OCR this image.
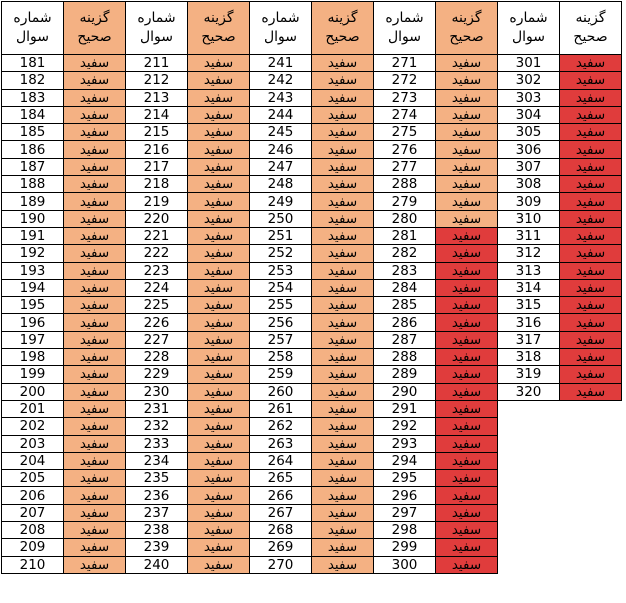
شماره سوال	گزینه صحیح	شماره سوال	گزینه صحیح	شماره سوال	گزینه صحیح	شماره سوال	گزینه صحیح	شماره سوال	گزینه صحیح
181	سفید	211	سفید	241	سفید	271	سفید	301	سفید
182	سفید	212	سفید	242	سفید	272	سفید	302	سفید
183	سفید	213	سفید	243	سفید	273	سفید	303	سفید
184	سفید	214	سفید	244	سفید	274	سفید	304	سفید
185	سفید	215	سفید	245	سفید	275	سفید	305	سفید
186	سفید	216	سفید	246	سفید	276	سفید	306	سفید
187	سفید	217	سفید	247	سفید	277	سفید	307	سفید
188	سفید	218	سفید	248	سفید	288	سفید	308	سفید
189	سفید	219	سفید	249	سفید	279	سفید	309	سفید
190	سفید	220	سفید	250	سفید	280	سفید	310	سفید
191	سفید	221	سفید	251	سفید	281	سفید	311	سفید
192	سفید	222	سفید	252	سفید	282	سفید	312	سفید
193	سفید	223	سفید	253	سفید	283	سفید	313	سفید
194	سفید	224	سفید	254	سفید	284	سفید	314	سفید
195	سفید	225	سفید	255	سفید	285	سفید	315	سفید
196	سفید	226	سفید	256	سفید	286	سفید	316	سفید
197	سفید	227	سفید	257	سفید	287	سفید	317	سفید
198	سفید	228	سفید	258	سفید	288	سفید	318	سفید
199	سفید	229	سفید	259	سفید	289	سفید	319	سفید
200	سفید	230	سفید	260	سفید	290	سفید	320	سفید
201	سفید	231	سفید	261	سفید	291	سفید		
202	سفید	232	سفید	262	سفید	292	سفید		
203	سفید	233	سفید	263	سفید	293	سفید		
204	سفید	234	سفید	264	سفید	294	سفید		
205	سفید	235	سفید	265	سفید	295	سفید		
206	سفید	236	سفید	266	سفید	296	سفید		
207	سفید	237	سفید	267	سفید	297	سفید		
208	سفید	238	سفید	268	سفید	298	سفید		
209	سفید	239	سفید	269	سفید	299	سفید		
210	سفید	240	سفید	270	سفید	300	سفید		
